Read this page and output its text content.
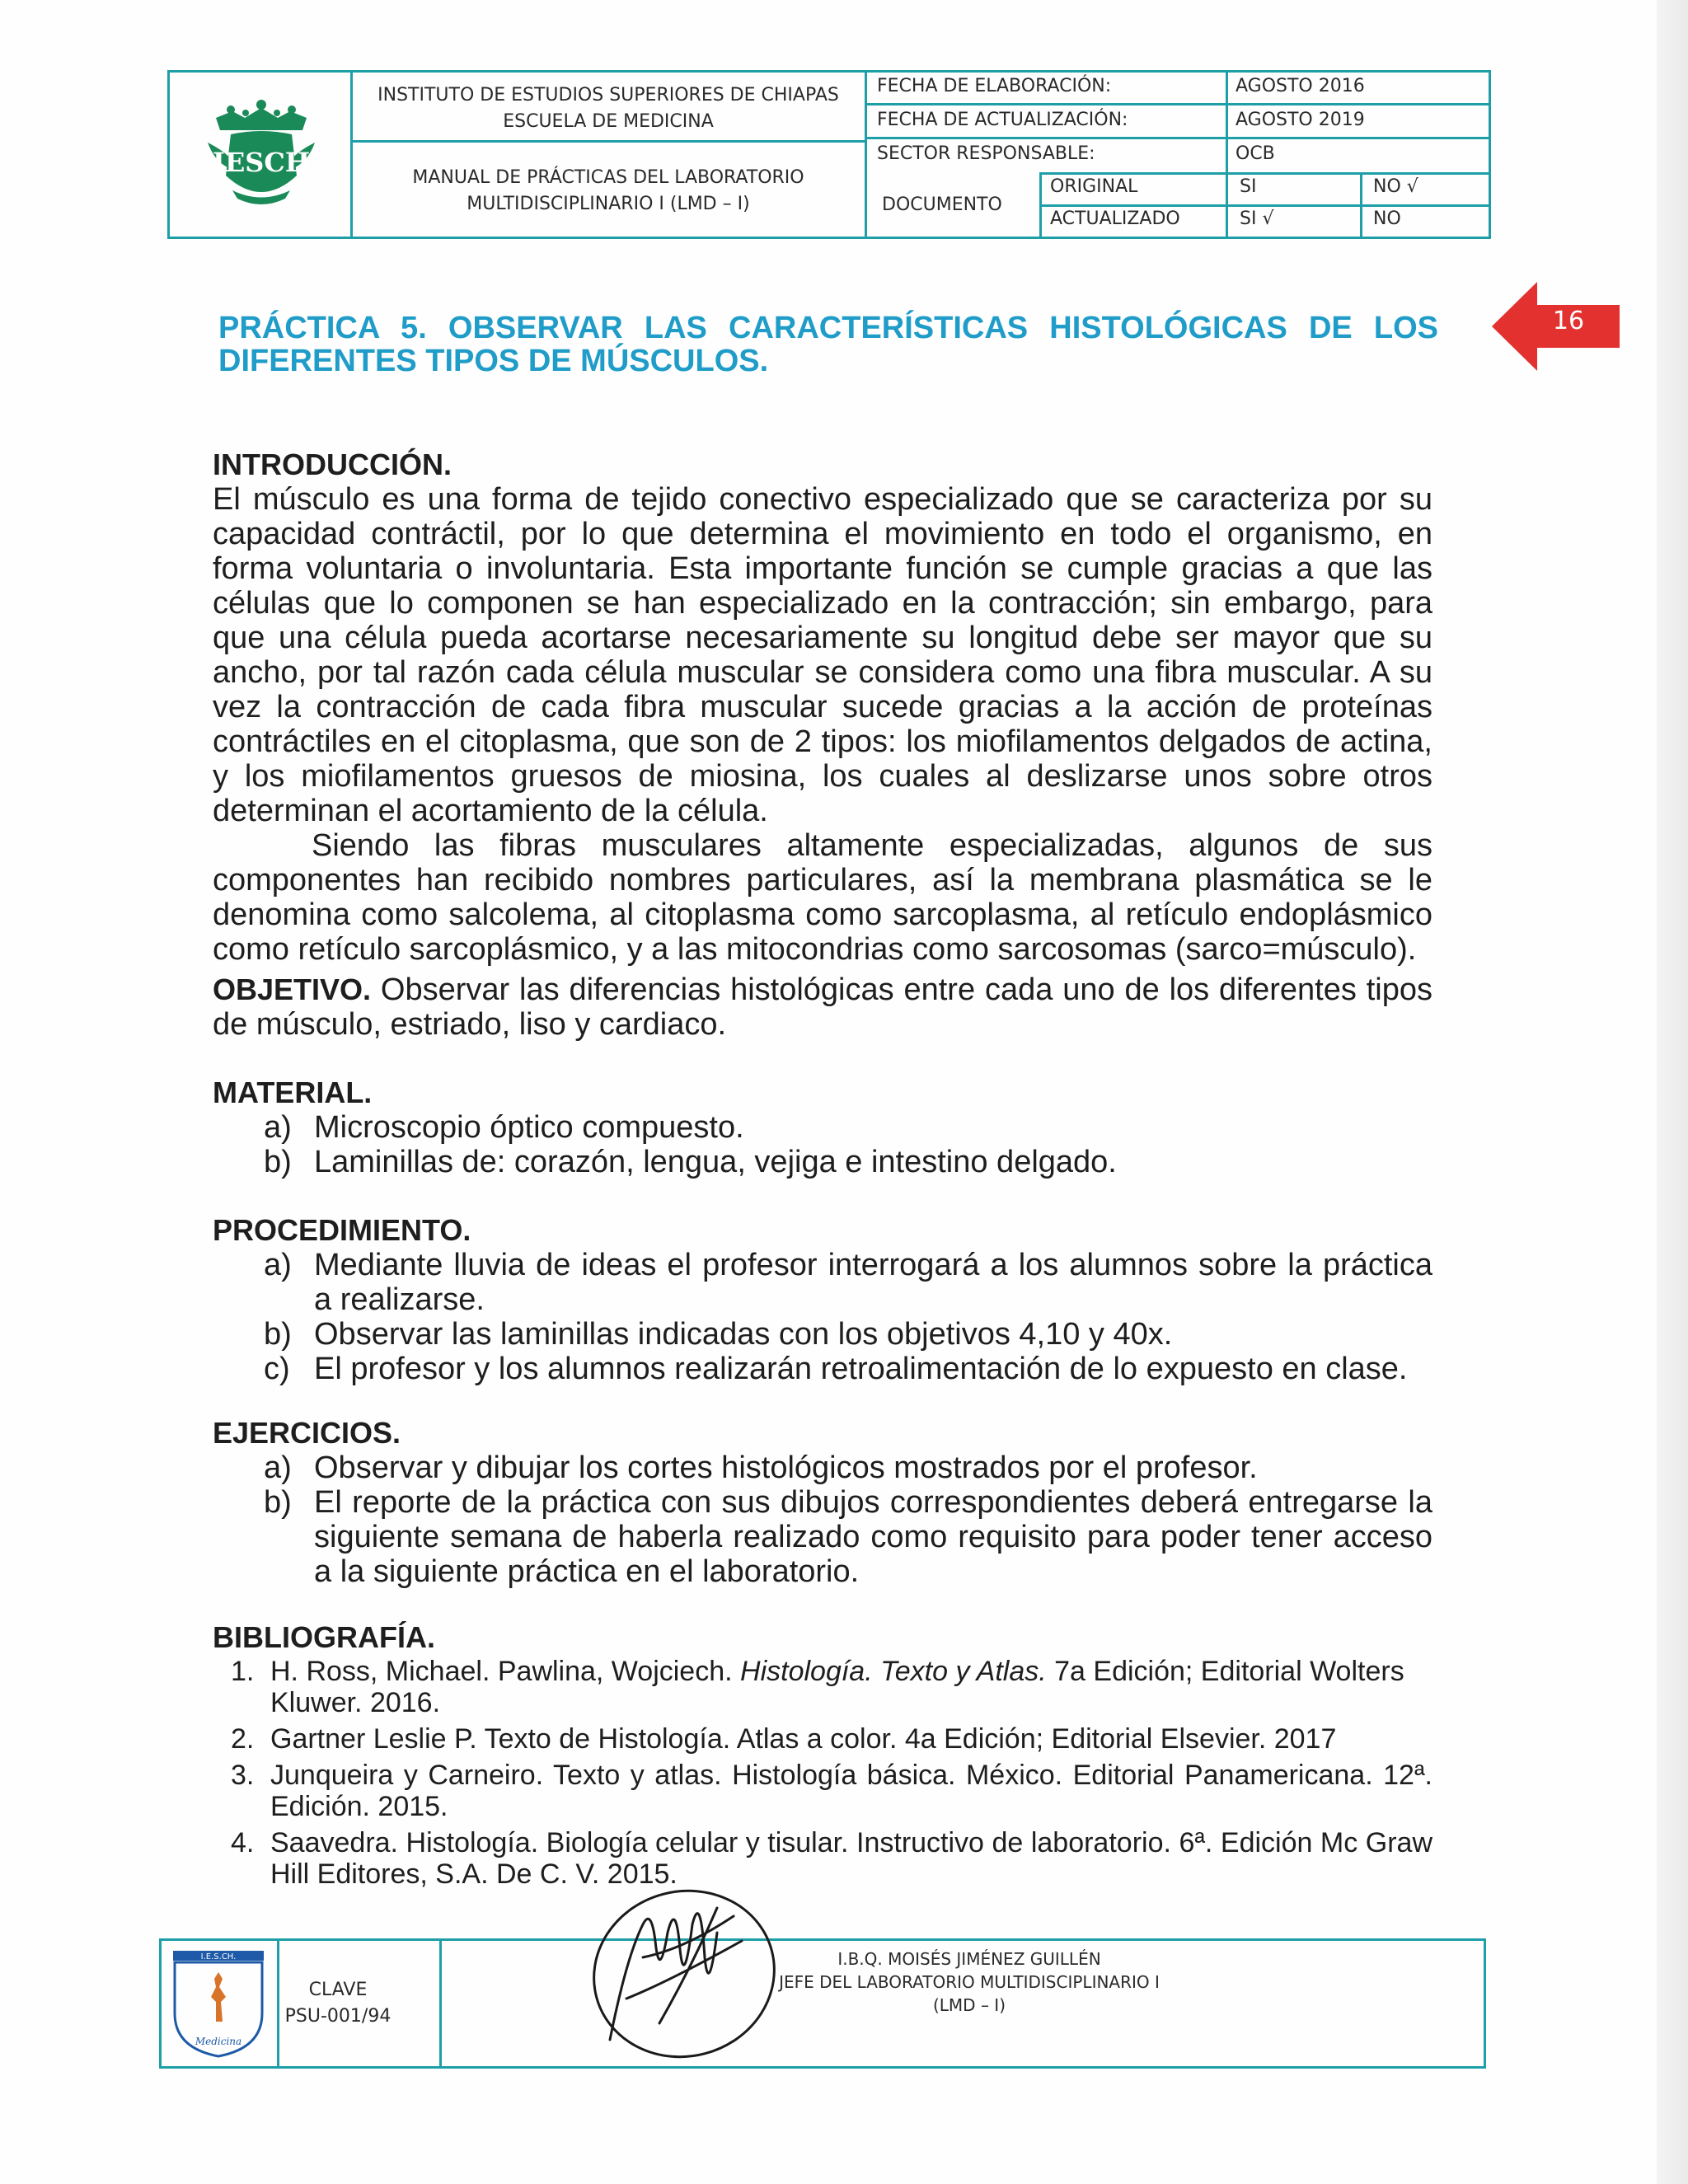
IESCH
INSTITUTO DE ESTUDIOS SUPERIORES DE CHIAPAS
ESCUELA DE MEDICINA
MANUAL DE PRÁCTICAS DEL LABORATORIO
MULTIDISCIPLINARIO I (LMD – I)
FECHA DE ELABORACIÓN:	AGOSTO 2016
FECHA DE ACTUALIZACIÓN:	AGOSTO 2019
SECTOR RESPONSABLE:	OCB
DOCUMENTO
ORIGINAL	SI	NO √
ACTUALIZADO	SI √	NO
16
PRÁCTICA 5. OBSERVAR LAS CARACTERÍSTICAS HISTOLÓGICAS DE LOS DIFERENTES TIPOS DE MÚSCULOS.
INTRODUCCIÓN.
El músculo es una forma de tejido conectivo especializado que se caracteriza por su capacidad contráctil, por lo que determina el movimiento en todo el organismo, en forma voluntaria o involuntaria. Esta importante función se cumple gracias a que las células que lo componen se han especializado en la contracción; sin embargo, para que una célula pueda acortarse necesariamente su longitud debe ser mayor que su ancho, por tal razón cada célula muscular se considera como una fibra muscular. A su vez la contracción de cada fibra muscular sucede gracias a la acción de proteínas contráctiles en el citoplasma, que son de 2 tipos: los miofilamentos delgados de actina, y los miofilamentos gruesos de miosina, los cuales al deslizarse unos sobre otros determinan el acortamiento de la célula.
Siendo las fibras musculares altamente especializadas, algunos de sus componentes han recibido nombres particulares, así la membrana plasmática se le denomina como salcolema, al citoplasma como sarcoplasma, al retículo endoplásmico como retículo sarcoplásmico, y a las mitocondrias como sarcosomas (sarco=músculo).
OBJETIVO. Observar las diferencias histológicas entre cada uno de los diferentes tipos de músculo, estriado, liso y cardiaco.
MATERIAL.
a) Microscopio óptico compuesto.
b) Laminillas de: corazón, lengua, vejiga e intestino delgado.
PROCEDIMIENTO.
a) Mediante lluvia de ideas el profesor interrogará a los alumnos sobre la práctica a realizarse.
b) Observar las laminillas indicadas con los objetivos 4,10 y 40x.
c) El profesor y los alumnos realizarán retroalimentación de lo expuesto en clase.
EJERCICIOS.
a) Observar y dibujar los cortes histológicos mostrados por el profesor.
b) El reporte de la práctica con sus dibujos correspondientes deberá entregarse la siguiente semana de haberla realizado como requisito para poder tener acceso a la siguiente práctica en el laboratorio.
BIBLIOGRAFÍA.
1. H. Ross, Michael. Pawlina, Wojciech. Histología. Texto y Atlas. 7a Edición; Editorial Wolters Kluwer. 2016.
2. Gartner Leslie P. Texto de Histología. Atlas a color. 4a Edición; Editorial Elsevier. 2017
3. Junqueira y Carneiro. Texto y atlas. Histología básica. México. Editorial Panamericana. 12ª. Edición. 2015.
4. Saavedra. Histología. Biología celular y tisular. Instructivo de laboratorio. 6ª. Edición Mc Graw Hill Editores, S.A. De C. V. 2015.
I.E.S.CH.
Medicina
CLAVE
PSU-001/94
I.B.Q. MOISÉS JIMÉNEZ GUILLÉN
JEFE DEL LABORATORIO MULTIDISCIPLINARIO I
(LMD – I)
